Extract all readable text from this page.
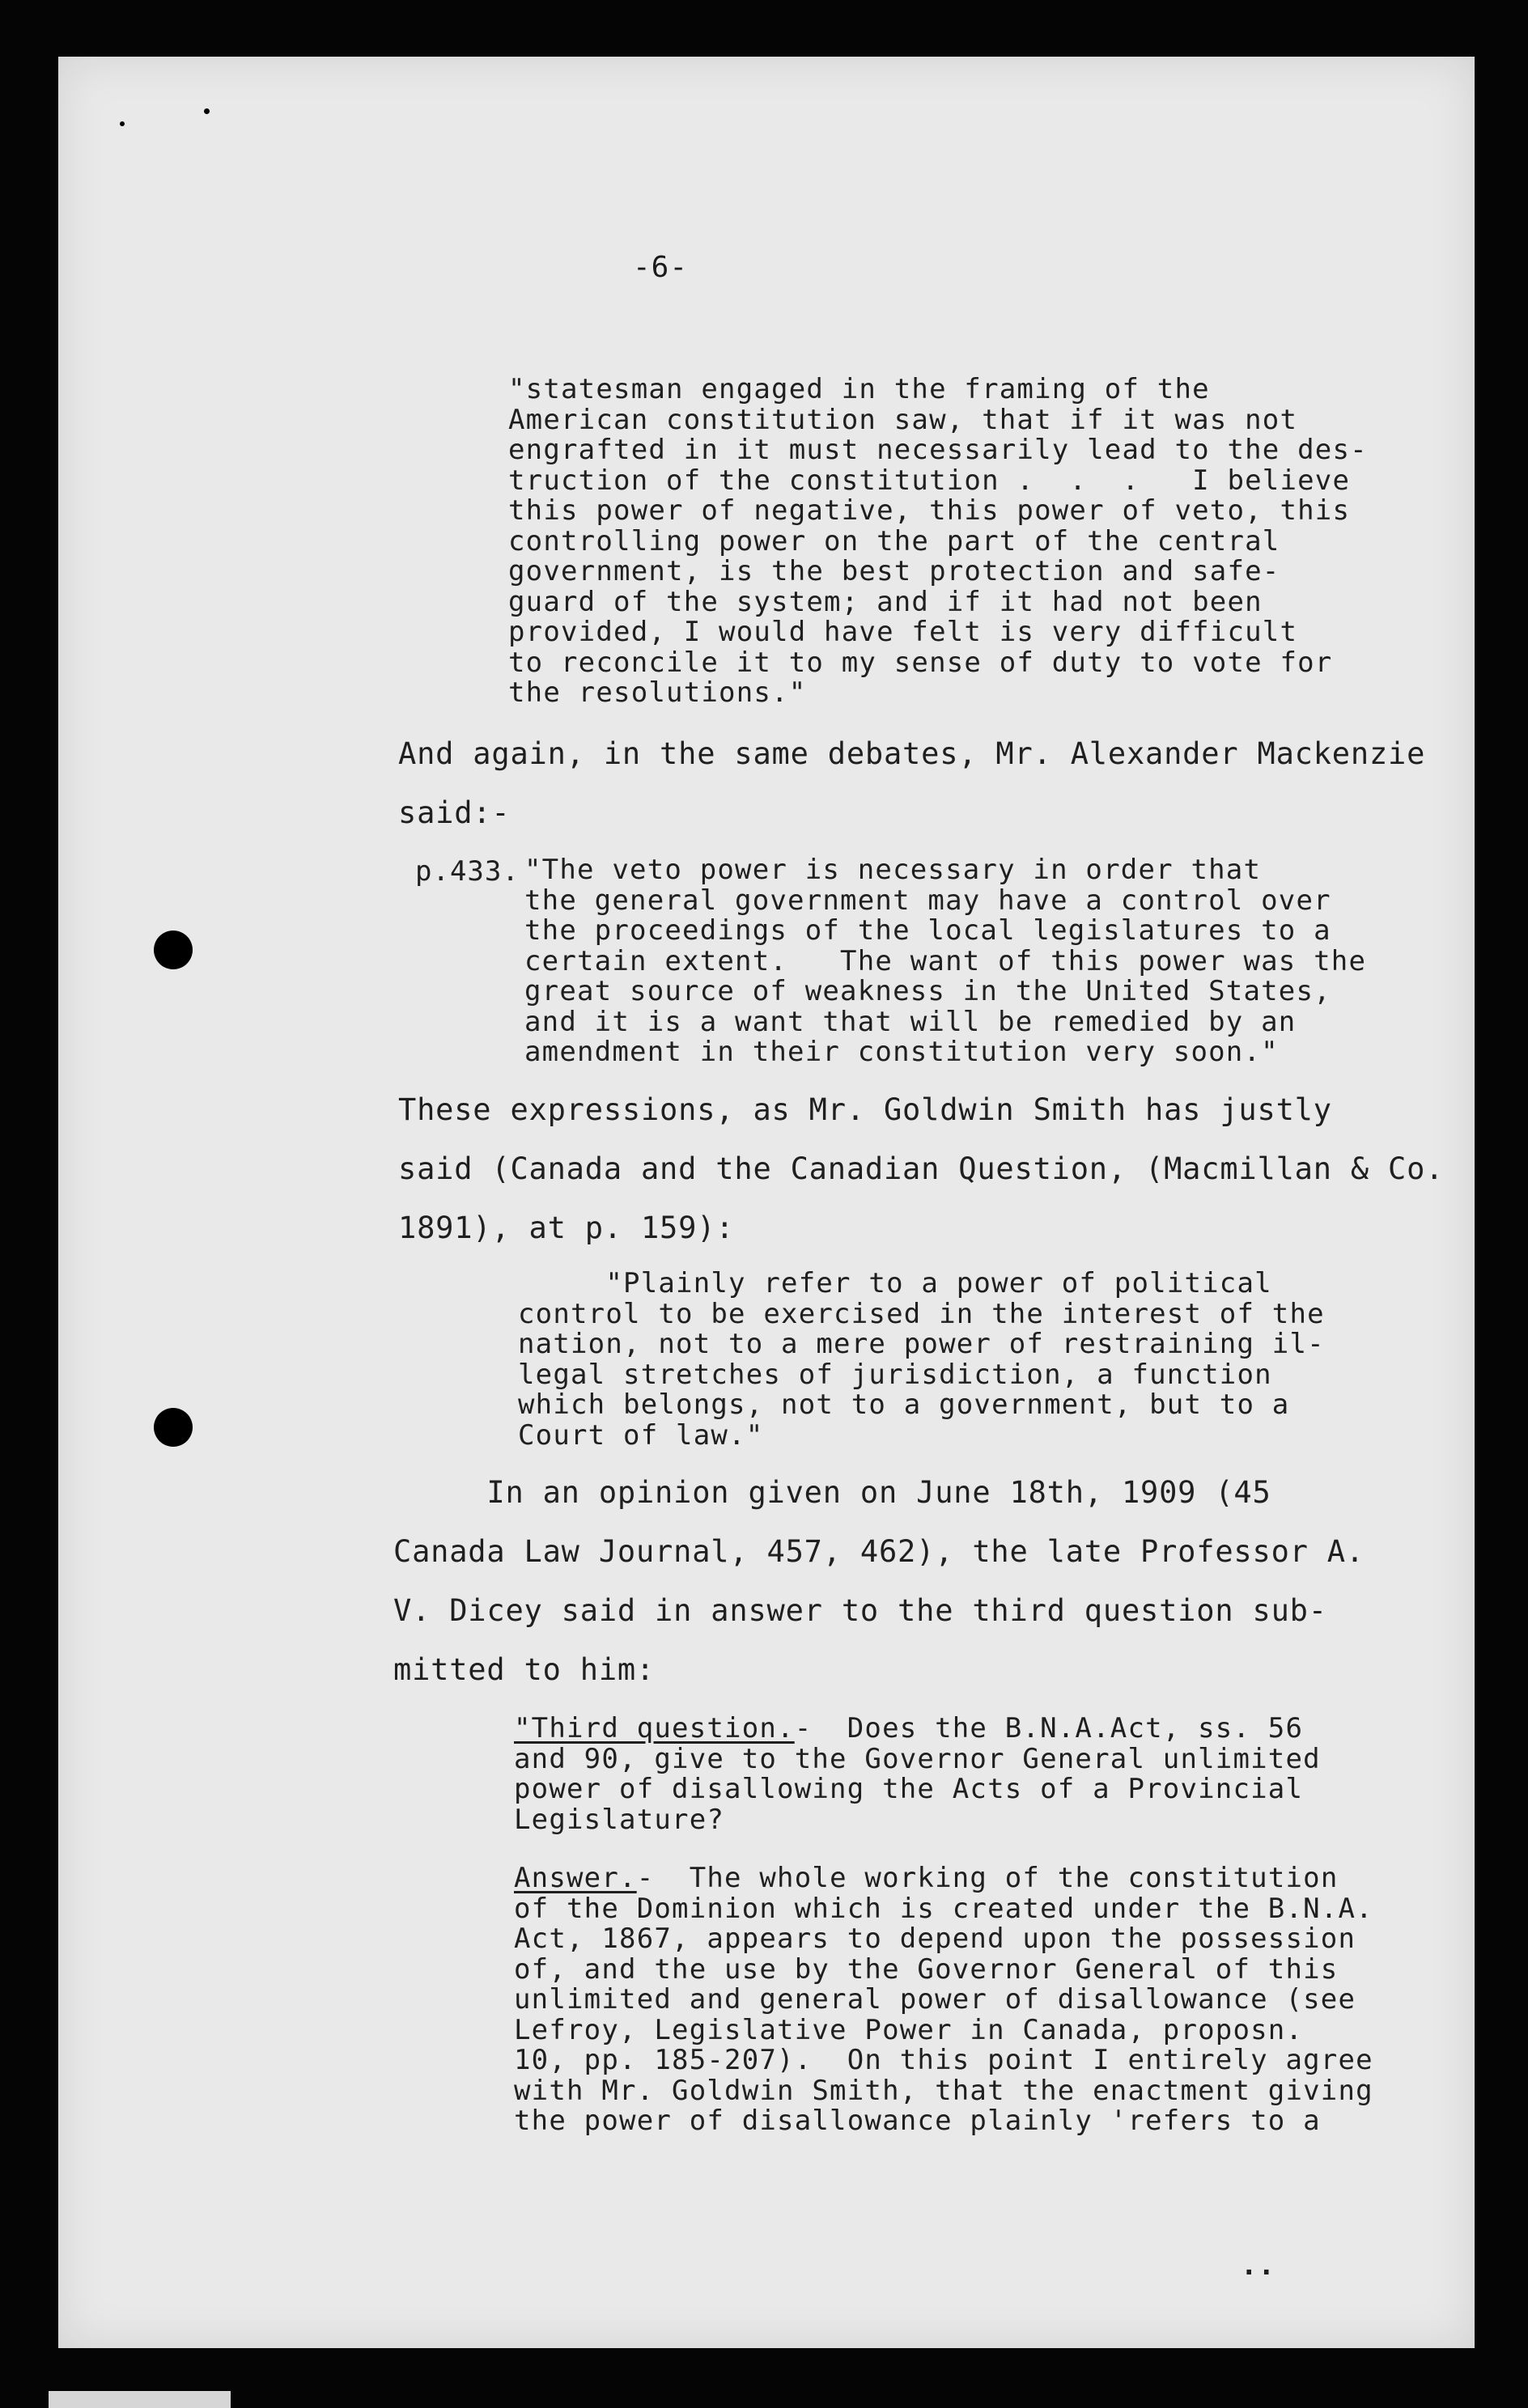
-6-
"statesman engaged in the framing of the
American constitution saw, that if it was not
engrafted in it must necessarily lead to the des-
truction of the constitution .  .  .   I believe
this power of negative, this power of veto, this
controlling power on the part of the central
government, is the best protection and safe-
guard of the system; and if it had not been
provided, I would have felt is very difficult
to reconcile it to my sense of duty to vote for
the resolutions."
And again, in the same debates, Mr. Alexander Mackenzie
said:-
p.433. "The veto power is necessary in order that
the general government may have a control over
the proceedings of the local legislatures to a
certain extent.   The want of this power was the
great source of weakness in the United States,
and it is a want that will be remedied by an
amendment in their constitution very soon."
These expressions, as Mr. Goldwin Smith has justly
said (Canada and the Canadian Question, (Macmillan & Co.
1891), at p. 159):
"Plainly refer to a power of political
control to be exercised in the interest of the
nation, not to a mere power of restraining il-
legal stretches of jurisdiction, a function
which belongs, not to a government, but to a
Court of law."
In an opinion given on June 18th, 1909 (45
Canada Law Journal, 457, 462), the late Professor A.
V. Dicey said in answer to the third question sub-
mitted to him:
"Third question.-  Does the B.N.A.Act, ss. 56
and 90, give to the Governor General unlimited
power of disallowing the Acts of a Provincial
Legislature?
Answer.-  The whole working of the constitution
of the Dominion which is created under the B.N.A.
Act, 1867, appears to depend upon the possession
of, and the use by the Governor General of this
unlimited and general power of disallowance (see
Lefroy, Legislative Power in Canada, proposn.
10, pp. 185-207).  On this point I entirely agree
with Mr. Goldwin Smith, that the enactment giving
the power of disallowance plainly 'refers to a
..
